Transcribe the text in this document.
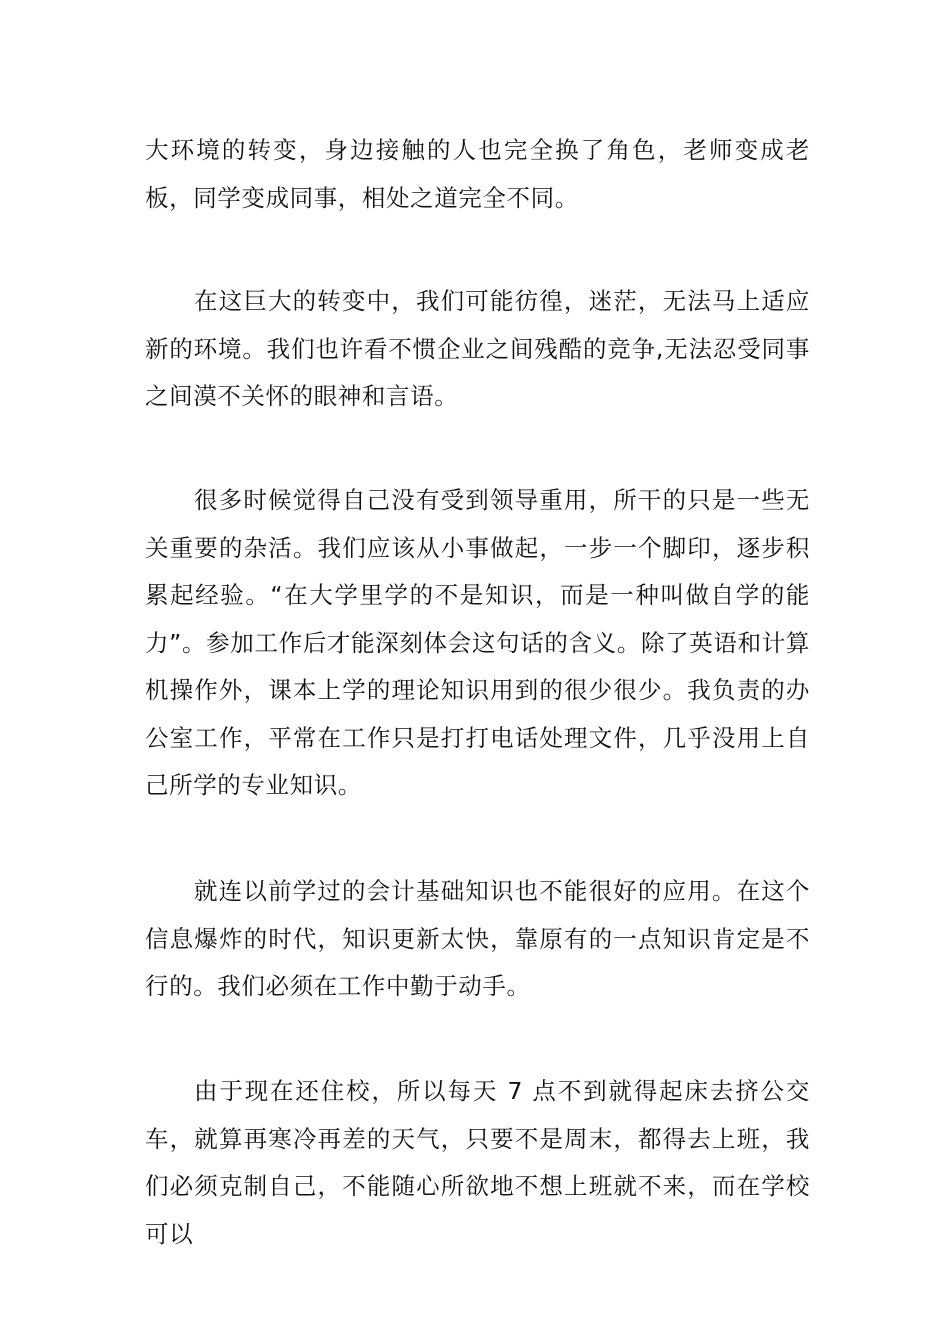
大环境的转变，身边接触的人也完全换了角色，老师变成老板，同学变成同事，相处之道完全不同。

在这巨大的转变中，我们可能彷徨，迷茫，无法马上适应新的环境。我们也许看不惯企业之间残酷的竞争,无法忍受同事之间漠不关怀的眼神和言语。

很多时候觉得自己没有受到领导重用，所干的只是一些无关重要的杂活。我们应该从小事做起，一步一个脚印，逐步积累起经验。“在大学里学的不是知识，而是一种叫做自学的能力”。参加工作后才能深刻体会这句话的含义。除了英语和计算机操作外，课本上学的理论知识用到的很少很少。我负责的办公室工作，平常在工作只是打打电话处理文件，几乎没用上自己所学的专业知识。

就连以前学过的会计基础知识也不能很好的应用。在这个信息爆炸的时代，知识更新太快，靠原有的一点知识肯定是不行的。我们必须在工作中勤于动手。

由于现在还住校，所以每天 7 点不到就得起床去挤公交车，就算再寒冷再差的天气，只要不是周末，都得去上班，我们必须克制自己，不能随心所欲地不想上班就不来，而在学校可以
